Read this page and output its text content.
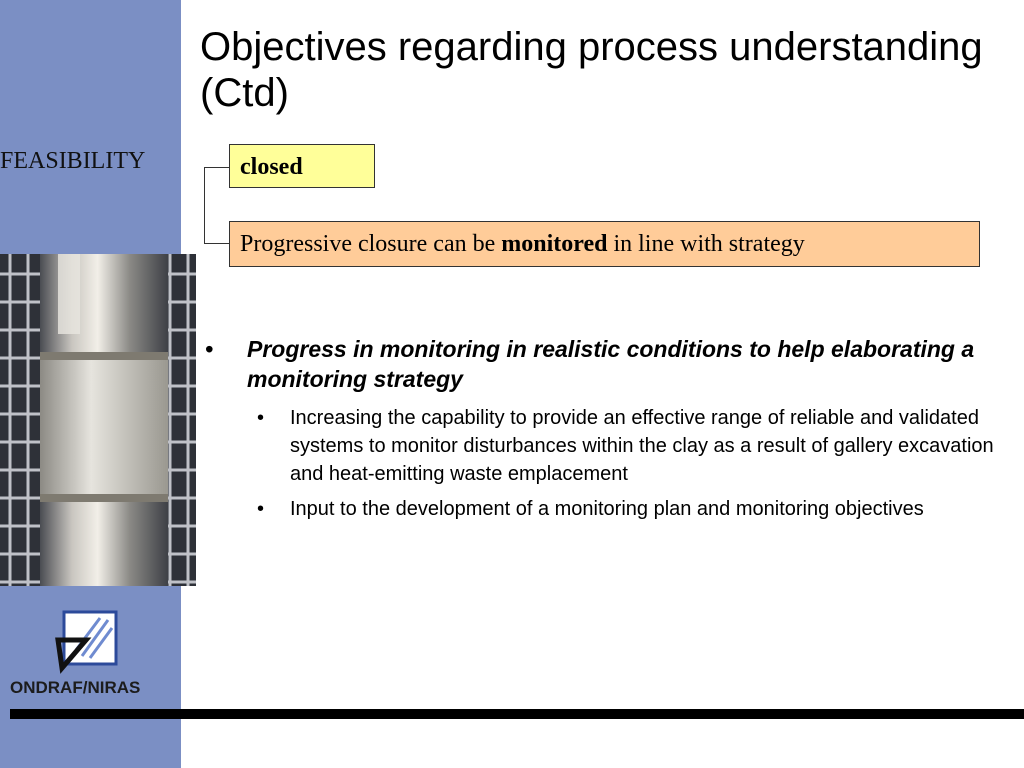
FEASIBILITY
ONDRAF/NIRAS
Objectives regarding process understanding (Ctd)
closed
Progressive closure can be monitored in line with strategy
• Progress in monitoring in realistic conditions to help elaborating a monitoring strategy
• Increasing the capability to provide an effective range of reliable and validated systems to monitor disturbances within the clay as a result of gallery excavation and heat-emitting waste emplacement
• Input to the development of a monitoring plan and monitoring objectives
